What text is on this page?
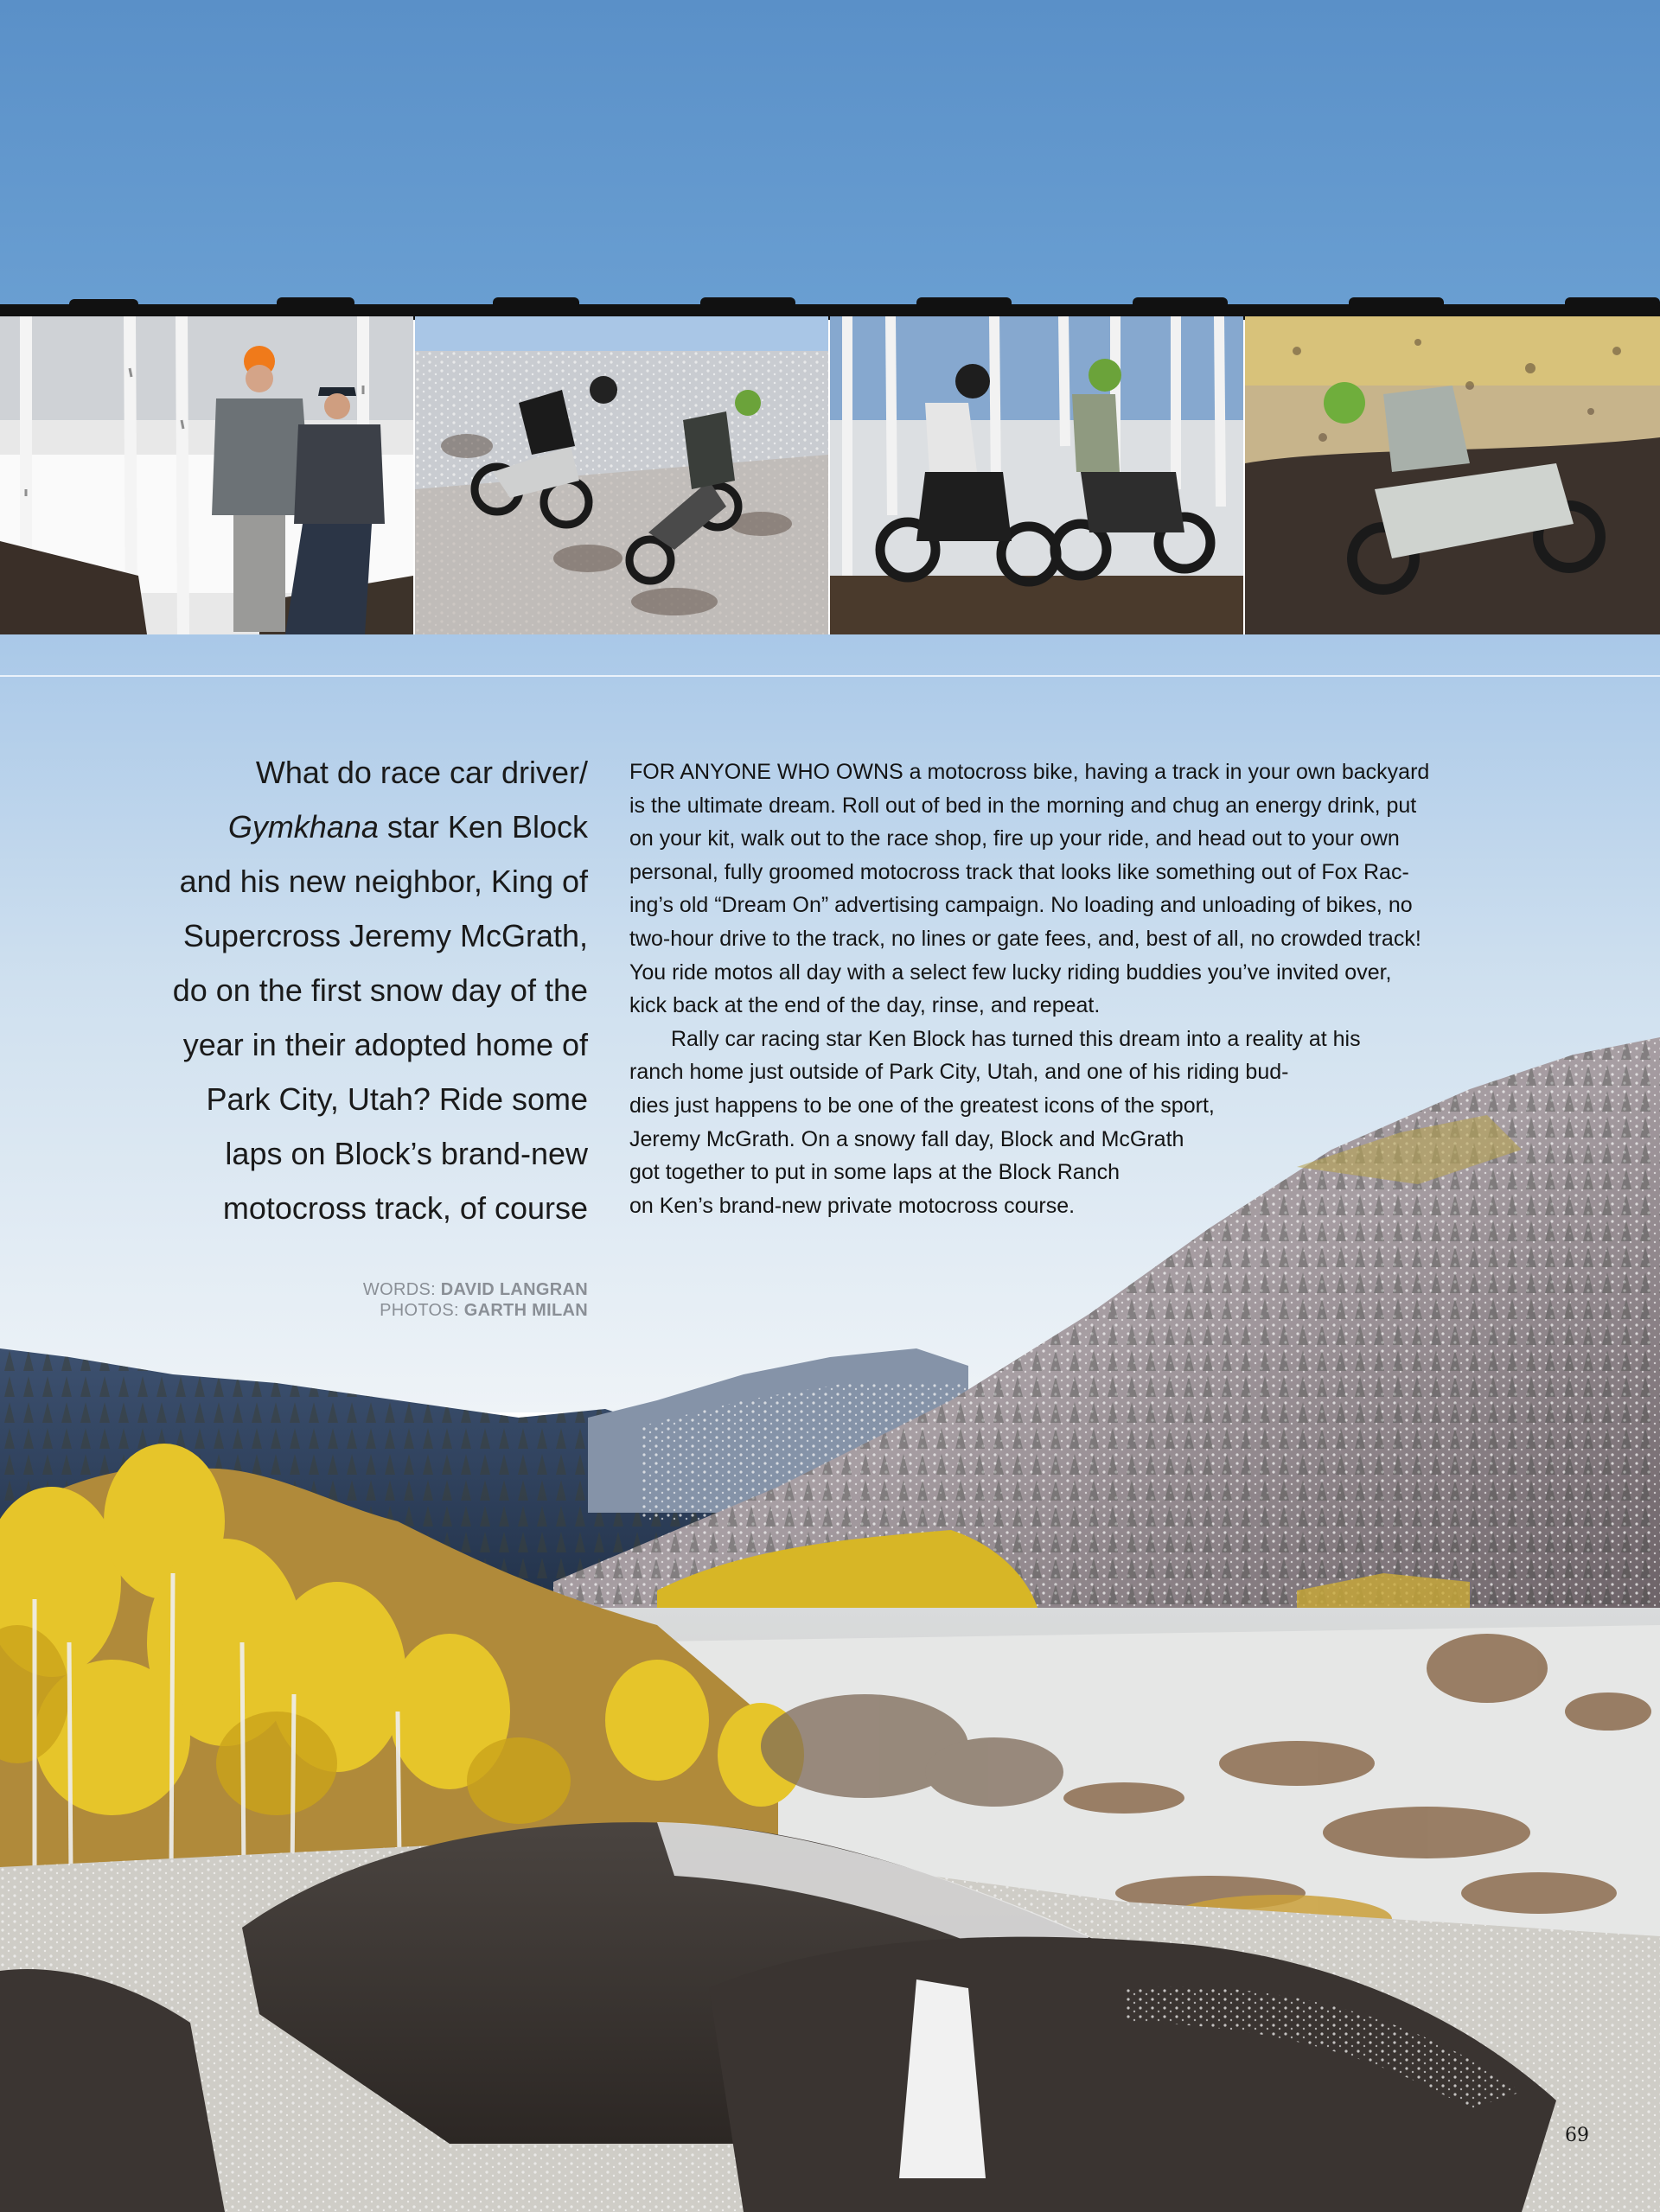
What do race car driver/
Gymkhana star Ken Block
and his new neighbor, King of
Supercross Jeremy McGrath,
do on the first snow day of the
year in their adopted home of
Park City, Utah? Ride some
laps on Block’s brand-new
motocross track, of course
WORDS: DAVID LANGRAN
PHOTOS: GARTH MILAN

FOR ANYONE WHO OWNS a motocross bike, having a track in your own backyard
is the ultimate dream. Roll out of bed in the morning and chug an energy drink, put
on your kit, walk out to the race shop, fire up your ride, and head out to your own
personal, fully groomed motocross track that looks like something out of Fox Rac-
ing’s old “Dream On” advertising campaign. No loading and unloading of bikes, no
two-hour drive to the track, no lines or gate fees, and, best of all, no crowded track!
You ride motos all day with a select few lucky riding buddies you’ve invited over,
kick back at the end of the day, rinse, and repeat.

Rally car racing star Ken Block has turned this dream into a reality at his
ranch home just outside of Park City, Utah, and one of his riding bud-
dies just happens to be one of the greatest icons of the sport,
Jeremy McGrath. On a snowy fall day, Block and McGrath
got together to put in some laps at the Block Ranch
on Ken’s brand-new private motocross course.

69
